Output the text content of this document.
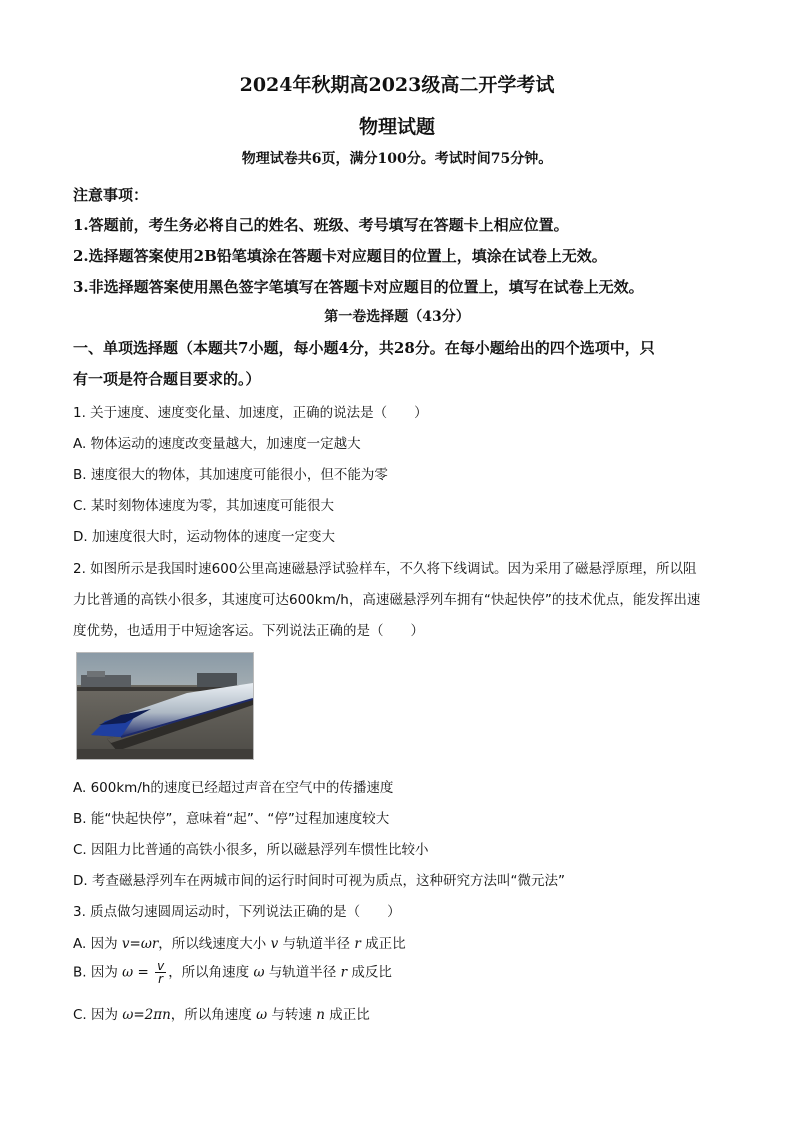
2024年秋期高2023级高二开学考试
物理试题
物理试卷共6页，满分100分。考试时间75分钟。
注意事项：
1.答题前，考生务必将自己的姓名、班级、考号填写在答题卡上相应位置。
2.选择题答案使用2B铅笔填涂在答题卡对应题目的位置上，填涂在试卷上无效。
3.非选择题答案使用黑色签字笔填写在答题卡对应题目的位置上，填写在试卷上无效。
第一卷选择题（43分）
一、单项选择题（本题共7小题，每小题4分，共28分。在每小题给出的四个选项中，只
有一项是符合题目要求的。）
1. 关于速度、速度变化量、加速度，正确的说法是（　　）
A. 物体运动的速度改变量越大，加速度一定越大
B. 速度很大的物体，其加速度可能很小，但不能为零
C. 某时刻物体速度为零，其加速度可能很大
D. 加速度很大时，运动物体的速度一定变大
2. 如图所示是我国时速600公里高速磁悬浮试验样车，不久将下线调试。因为采用了磁悬浮原理，所以阻
力比普通的高铁小很多，其速度可达600km/h，高速磁悬浮列车拥有“快起快停”的技术优点，能发挥出速
度优势，也适用于中短途客运。下列说法正确的是（　　）
A. 600km/h的速度已经超过声音在空气中的传播速度
B. 能“快起快停”，意味着“起”、“停”过程加速度较大
C. 因阻力比普通的高铁小很多，所以磁悬浮列车惯性比较小
D. 考查磁悬浮列车在两城市间的运行时间时可视为质点，这种研究方法叫“微元法”
3. 质点做匀速圆周运动时，下列说法正确的是（　　）
A. 因为 v=ωr，所以线速度大小 v 与轨道半径 r 成正比
B. 因为 $\omega = \frac{v}{r}$ ，所以角速度 ω 与轨道半径 r 成反比
C. 因为 ω=2πn，所以角速度 ω 与转速 n 成正比
